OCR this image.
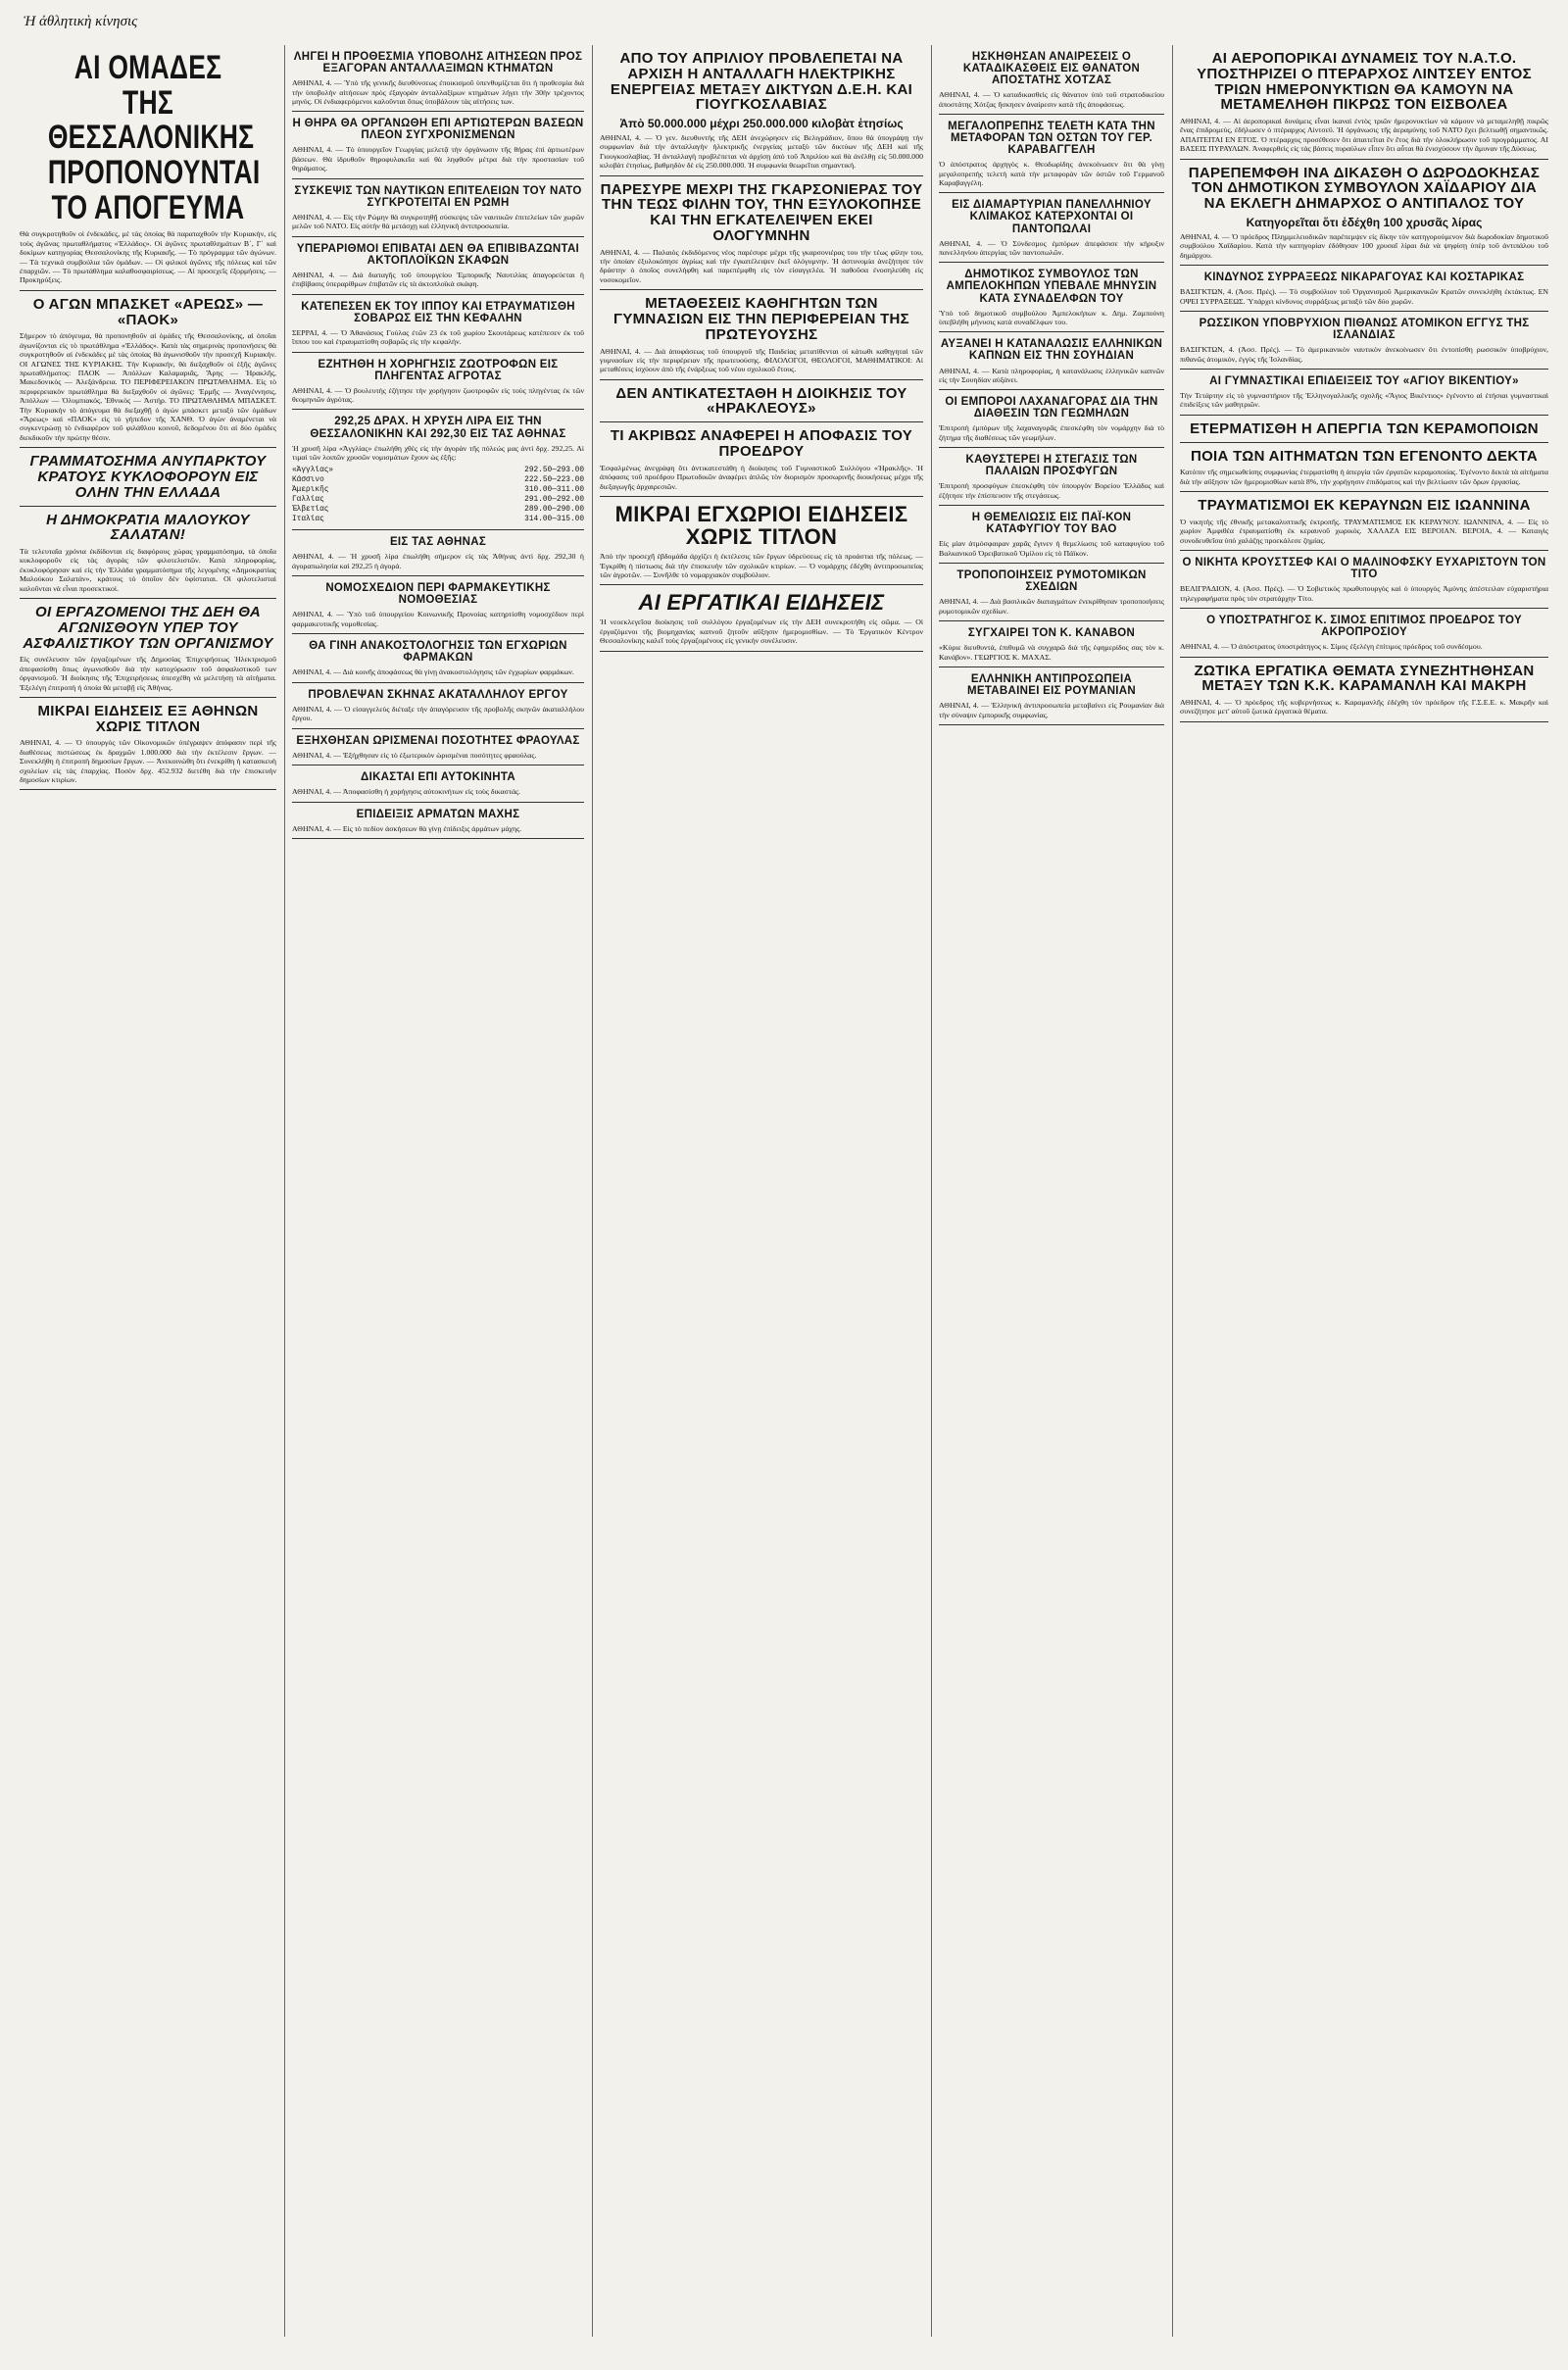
Ἡ ἀθλητικὴ κίνησις
ΑΙ ΟΜΑΔΕΣ ΤΗΣ ΘΕΣΣΑΛΟΝΙΚΗΣ ΠΡΟΠΟΝΟΥΝΤΑΙ ΤΟ ΑΠΟΓΕΥΜΑ

Θὰ συγκροτηθοῦν οἱ ἐνδεκάδες, μὲ τὰς ὁποίας θὰ παραταχθοῦν τὴν Κυριακήν, εἰς τοὺς ἀγῶνας πρωταθλήματος «Ἑλλάδος». Οἱ ἀγῶνες πρωταθλημάτων Β΄, Γ΄ καὶ δοκίμων κατηγορίας Θεσσαλονίκης τῆς Κυριακῆς. — Τὸ πρόγραμμα τῶν ἀγώνων. — Τὰ τεχνικὰ συμβούλια τῶν ὁμάδων. — Οἱ φιλικοὶ ἀγῶνες τῆς πόλεως καὶ τῶν ἐπαρχιῶν. — Τὸ πρωτάθλημα καλαθοσφαιρίσεως. — Αἱ προσεχεῖς ἐξορμήσεις. — Προκηρύξεις.

Ο ΑΓΩΝ ΜΠΑΣΚΕΤ «ΑΡΕΩΣ» — «ΠΑΟΚ»

Σήμερον τὸ ἀπόγευμα, θὰ προπονηθοῦν αἱ ὁμάδες τῆς Θεσσαλονίκης, αἱ ὁποῖαι ἀγωνίζονται εἰς τὸ πρωτάθλημα «Ἑλλάδος». Κατὰ τὰς σημερινὰς προπονήσεις θὰ συγκροτηθοῦν αἱ ἐνδεκάδες μὲ τὰς ὁποίας θὰ ἀγωνισθοῦν τὴν προσεχῆ Κυριακήν. ΟΙ ΑΓΩΝΕΣ ΤΗΣ ΚΥΡΙΑΚΗΣ. Τὴν Κυριακήν, θὰ διεξαχθοῦν οἱ ἑξῆς ἀγῶνες πρωταθλήματος: ΠΑΟΚ — Ἀπόλλων Καλαμαριᾶς, Ἄρης — Ἠρακλῆς, Μακεδονικὸς — Ἀλεξάνδρεια. ΤΟ ΠΕΡΙΦΕΡΕΙΑΚΟΝ ΠΡΩΤΑΘΛΗΜΑ. Εἰς τὸ περιφερειακὸν πρωτάθλημα θὰ διεξαχθοῦν οἱ ἀγῶνες: Ἑρμῆς — Ἀναγέννησις, Ἀπόλλων — Ὀλυμπιακός, Ἐθνικὸς — Ἀστήρ. ΤΟ ΠΡΩΤΑΘΛΗΜΑ ΜΠΑΣΚΕΤ. Τὴν Κυριακὴν τὸ ἀπόγευμα θὰ διεξαχθῇ ὁ ἀγὼν μπάσκετ μεταξὺ τῶν ὁμάδων «Ἄρεως» καὶ «ΠΑΟΚ» εἰς τὸ γήπεδον τῆς ΧΑΝΘ. Ὁ ἀγὼν ἀναμένεται νὰ συγκεντρώσῃ τὸ ἐνδιαφέρον τοῦ φιλάθλου κοινοῦ, δεδομένου ὅτι αἱ δύο ὁμάδες διεκδικοῦν τὴν πρώτην θέσιν.

ΓΡΑΜΜΑΤΟΣΗΜΑ ΑΝΥΠΑΡΚΤΟΥ ΚΡΑΤΟΥΣ ΚΥΚΛΟΦΟΡΟΥΝ ΕΙΣ ΟΛΗΝ ΤΗΝ ΕΛΛΑΔΑ
Η ΔΗΜΟΚΡΑΤΙΑ ΜΑΛΟΥΚΟΥ ΣΑΛΑΤΑΝ!

Τὰ τελευταῖα χρόνια ἐκδίδονται εἰς διαφόρους χώρας γραμματόσημα, τὰ ὁποῖα κυκλοφοροῦν εἰς τὰς ἀγορὰς τῶν φιλοτελιστῶν. Κατὰ πληροφορίας, ἐκυκλοφόρησαν καὶ εἰς τὴν Ἑλλάδα γραμματόσημα τῆς λεγομένης «Δημοκρατίας Μαλούκου Σαλατάν», κράτους τὸ ὁποῖον δὲν ὑφίσταται. Οἱ φιλοτελισταὶ καλοῦνται νὰ εἶναι προσεκτικοί.

ΟΙ ΕΡΓΑΖΟΜΕΝΟΙ ΤΗΣ ΔΕΗ ΘΑ ΑΓΩΝΙΣΘΟΥΝ ΥΠΕΡ ΤΟΥ ΑΣΦΑΛΙΣΤΙΚΟΥ ΤΩΝ ΟΡΓΑΝΙΣΜΟΥ

Εἰς συνέλευσιν τῶν ἐργαζομένων τῆς Δημοσίας Ἐπιχειρήσεως Ἠλεκτρισμοῦ ἀπεφασίσθη ὅπως ἀγωνισθοῦν διὰ τὴν κατοχύρωσιν τοῦ ἀσφαλιστικοῦ των ὀργανισμοῦ. Ἡ διοίκησις τῆς Ἐπιχειρήσεως ὑπεσχέθη νὰ μελετήσῃ τὰ αἰτήματα. Ἐξελέγη ἐπιτροπὴ ἡ ὁποία θὰ μεταβῇ εἰς Ἀθήνας.

ΜΙΚΡΑΙ ΕΙΔΗΣΕΙΣ ΕΞ ΑΘΗΝΩΝ ΧΩΡΙΣ ΤΙΤΛΟΝ

ΑΘΗΝΑΙ, 4. — Ὁ ὑπουργὸς τῶν Οἰκονομικῶν ὑπέγραψεν ἀπόφασιν περὶ τῆς διαθέσεως πιστώσεως ἐκ δραχμῶν 1.000.000 διὰ τὴν ἐκτέλεσιν ἔργων. — Συνεκλήθη ἡ ἐπιτροπὴ δημοσίων ἔργων. — Ἀνεκοινώθη ὅτι ἐνεκρίθη ἡ κατασκευὴ σχολείων εἰς τὰς ἐπαρχίας. Ποσὸν δρχ. 452.932 διετέθη διὰ τὴν ἐπισκευὴν δημοσίων κτιρίων.

ΛΗΓΕΙ Η ΠΡΟΘΕΣΜΙΑ ΥΠΟΒΟΛΗΣ ΑΙΤΗΣΕΩΝ ΠΡΟΣ ΕΞΑΓΟΡΑΝ ΑΝΤΑΛΛΑΞΙΜΩΝ ΚΤΗΜΑΤΩΝ

ΑΘΗΝΑΙ, 4. — Ὑπὸ τῆς γενικῆς διευθύνσεως ἐποικισμοῦ ὑπενθυμίζεται ὅτι ἡ προθεσμία διὰ τὴν ὑποβολὴν αἰτήσεων πρὸς ἐξαγορὰν ἀνταλλαξίμων κτημάτων λήγει τὴν 30ὴν τρέχοντος μηνός. Οἱ ἐνδιαφερόμενοι καλοῦνται ὅπως ὑποβάλουν τὰς αἰτήσεις των.

Η ΘΗΡΑ ΘΑ ΟΡΓΑΝΩΘΗ ΕΠΙ ΑΡΤΙΩΤΕΡΩΝ ΒΑΣΕΩΝ ΠΛΕΟΝ ΣΥΓΧΡΟΝΙΣΜΕΝΩΝ

ΑΘΗΝΑΙ, 4. — Τὸ ὑπουργεῖον Γεωργίας μελετᾷ τὴν ὀργάνωσιν τῆς θήρας ἐπὶ ἀρτιωτέρων βάσεων. Θὰ ἱδρυθοῦν θηροφυλακεῖα καὶ θὰ ληφθοῦν μέτρα διὰ τὴν προστασίαν τοῦ θηράματος.

ΣΥΣΚΕΨΙΣ ΤΩΝ ΝΑΥΤΙΚΩΝ ΕΠΙΤΕΛΕΙΩΝ ΤΟΥ ΝΑΤΟ ΣΥΓΚΡΟΤΕΙΤΑΙ ΕΝ ΡΩΜΗ

ΑΘΗΝΑΙ, 4. — Εἰς τὴν Ρώμην θὰ συγκροτηθῇ σύσκεψις τῶν ναυτικῶν ἐπιτελείων τῶν χωρῶν μελῶν τοῦ ΝΑΤΟ. Εἰς αὐτὴν θὰ μετάσχῃ καὶ ἑλληνικὴ ἀντιπροσωπεία.

ΥΠΕΡΑΡΙΘΜΟΙ ΕΠΙΒΑΤΑΙ ΔΕΝ ΘΑ ΕΠΙΒΙΒΑΖΩΝΤΑΙ ΑΚΤΟΠΛΟΪΚΩΝ ΣΚΑΦΩΝ

ΑΘΗΝΑΙ, 4. — Διὰ διαταγῆς τοῦ ὑπουργείου Ἐμπορικῆς Ναυτιλίας ἀπαγορεύεται ἡ ἐπιβίβασις ὑπεραρίθμων ἐπιβατῶν εἰς τὰ ἀκτοπλοϊκὰ σκάφη.

ΚΑΤΕΠΕΣΕΝ ΕΚ ΤΟΥ ΙΠΠΟΥ ΚΑΙ ΕΤΡΑΥΜΑΤΙΣΘΗ ΣΟΒΑΡΩΣ ΕΙΣ ΤΗΝ ΚΕΦΑΛΗΝ

ΣΕΡΡΑΙ, 4. — Ὁ Ἀθανάσιος Γούλας ἐτῶν 23 ἐκ τοῦ χωρίου Σκουτάρεως κατέπεσεν ἐκ τοῦ ἵππου του καὶ ἐτραυματίσθη σοβαρῶς εἰς τὴν κεφαλήν.

ΕΖΗΤΗΘΗ Η ΧΟΡΗΓΗΣΙΣ ΖΩΟΤΡΟΦΩΝ ΕΙΣ ΠΛΗΓΕΝΤΑΣ ΑΓΡΟΤΑΣ

ΑΘΗΝΑΙ, 4. — Ὁ βουλευτὴς ἐζήτησε τὴν χορήγησιν ζωοτροφῶν εἰς τοὺς πληγέντας ἐκ τῶν θεομηνιῶν ἀγρότας.

292,25 ΔΡΑΧ. Η ΧΡΥΣΗ ΛΙΡΑ ΕΙΣ ΤΗΝ ΘΕΣΣΑΛΟΝΙΚΗΝ ΚΑΙ 292,30 ΕΙΣ ΤΑΣ ΑΘΗΝΑΣ

Ἡ χρυσῆ λίρα «Ἀγγλίας» ἐπωλήθη χθὲς εἰς τὴν ἀγορὰν τῆς πόλεώς μας ἀντὶ δρχ. 292,25. Αἱ τιμαὶ τῶν λοιπῶν χρυσῶν νομισμάτων ἔχουν ὡς ἑξῆς:

«Ἀγγλίας»	292.50—293.00
Κάσσινο	222.50—223.00
Ἀμερικῆς	310.00—311.00
Γαλλίας	291.00—292.00
Ἑλβετίας	289.00—290.00
Ἰταλίας	314.00—315.00
ΕΙΣ ΤΑΣ ΑΘΗΝΑΣ

ΑΘΗΝΑΙ, 4. — Ἡ χρυσῆ λίρα ἐπωλήθη σήμερον εἰς τὰς Ἀθήνας ἀντὶ δρχ. 292,30 ἡ ἀγοραπωλησία καὶ 292,25 ἡ ἀγορά.

ΝΟΜΟΣΧΕΔΙΟΝ ΠΕΡΙ ΦΑΡΜΑΚΕΥΤΙΚΗΣ ΝΟΜΟΘΕΣΙΑΣ

ΑΘΗΝΑΙ, 4. — Ὑπὸ τοῦ ὑπουργείου Κοινωνικῆς Προνοίας κατηρτίσθη νομοσχέδιον περὶ φαρμακευτικῆς νομοθεσίας.

ΘΑ ΓΙΝΗ ΑΝΑΚΟΣΤΟΛΟΓΗΣΙΣ ΤΩΝ ΕΓΧΩΡΙΩΝ ΦΑΡΜΑΚΩΝ

ΑΘΗΝΑΙ, 4. — Διὰ κοινῆς ἀποφάσεως θὰ γίνῃ ἀνακοστολόγησις τῶν ἐγχωρίων φαρμάκων.

ΠΡΟΒΛΕΨΑΝ ΣΚΗΝΑΣ ΑΚΑΤΑΛΛΗΛΟΥ ΕΡΓΟΥ

ΑΘΗΝΑΙ, 4. — Ὁ εἰσαγγελεὺς διέταξε τὴν ἀπαγόρευσιν τῆς προβολῆς σκηνῶν ἀκαταλλήλου ἔργου.

ΕΞΗΧΘΗΣΑΝ ΩΡΙΣΜΕΝΑΙ ΠΟΣΟΤΗΤΕΣ ΦΡΑΟΥΛΑΣ

ΑΘΗΝΑΙ, 4. — Ἐξήχθησαν εἰς τὸ ἐξωτερικὸν ὡρισμέναι ποσότητες φραούλας.

ΔΙΚΑΣΤΑΙ ΕΠΙ ΑΥΤΟΚΙΝΗΤΑ

ΑΘΗΝΑΙ, 4. — Ἀποφασίσθη ἡ χορήγησις αὐτοκινήτων εἰς τοὺς δικαστάς.

ΕΠΙΔΕΙΞΙΣ ΑΡΜΑΤΩΝ ΜΑΧΗΣ

ΑΘΗΝΑΙ, 4. — Εἰς τὸ πεδίον ἀσκήσεων θὰ γίνῃ ἐπίδειξις ἀρμάτων μάχης.

ΑΠΟ ΤΟΥ ΑΠΡΙΛΙΟΥ ΠΡΟΒΛΕΠΕΤΑΙ ΝΑ ΑΡΧΙΣΗ Η ΑΝΤΑΛΛΑΓΗ ΗΛΕΚΤΡΙΚΗΣ ΕΝΕΡΓΕΙΑΣ ΜΕΤΑΞΥ ΔΙΚΤΥΩΝ Δ.Ε.Η. ΚΑΙ ΓΙΟΥΓΚΟΣΛΑΒΙΑΣ
Ἀπὸ 50.000.000 μέχρι 250.000.000 κιλοβὰτ ἐτησίως

ΑΘΗΝΑΙ, 4. — Ὁ γεν. διευθυντὴς τῆς ΔΕΗ ἀνεχώρησεν εἰς Βελιγράδιον, ὅπου θὰ ὑπογράψῃ τὴν συμφωνίαν διὰ τὴν ἀνταλλαγὴν ἠλεκτρικῆς ἐνεργείας μεταξὺ τῶν δικτύων τῆς ΔΕΗ καὶ τῆς Γιουγκοσλαβίας. Ἡ ἀνταλλαγὴ προβλέπεται νὰ ἀρχίσῃ ἀπὸ τοῦ Ἀπριλίου καὶ θὰ ἀνέλθῃ εἰς 50.000.000 κιλοβὰτ ἐτησίως, βαθμηδὸν δὲ εἰς 250.000.000. Ἡ συμφωνία θεωρεῖται σημαντική.

ΠΑΡΕΣΥΡΕ ΜΕΧΡΙ ΤΗΣ ΓΚΑΡΣΟΝΙΕΡΑΣ ΤΟΥ ΤΗΝ ΤΕΩΣ ΦΙΛΗΝ ΤΟΥ, ΤΗΝ ΕΞΥΛΟΚΟΠΗΣΕ ΚΑΙ ΤΗΝ ΕΓΚΑΤΕΛΕΙΨΕΝ ΕΚΕΙ ΟΛΟΓΥΜΝΗΝ

ΑΘΗΝΑΙ, 4. — Παλαιὸς ἐκδιδόμενος νέος παρέσυρε μέχρι τῆς γκαρσονιέρας του τὴν τέως φίλην του, τὴν ὁποίαν ἐξυλοκόπησε ἀγρίως καὶ τὴν ἐγκατέλειψεν ἐκεῖ ὁλόγυμνην. Ἡ ἀστυνομία ἀνεζήτησε τὸν δράστην ὁ ὁποῖος συνελήφθη καὶ παρεπέμφθη εἰς τὸν εἰσαγγελέα. Ἡ παθοῦσα ἐνοσηλεύθη εἰς νοσοκομεῖον.

ΜΕΤΑΘΕΣΕΙΣ ΚΑΘΗΓΗΤΩΝ ΤΩΝ ΓΥΜΝΑΣΙΩΝ ΕΙΣ ΤΗΝ ΠΕΡΙΦΕΡΕΙΑΝ ΤΗΣ ΠΡΩΤΕΥΟΥΣΗΣ

ΑΘΗΝΑΙ, 4. — Διὰ ἀποφάσεως τοῦ ὑπουργοῦ τῆς Παιδείας μετατίθενται οἱ κάτωθι καθηγηταὶ τῶν γυμνασίων εἰς τὴν περιφέρειαν τῆς πρωτευούσης. ΦΙΛΟΛΟΓΟΙ, ΘΕΟΛΟΓΟΙ, ΜΑΘΗΜΑΤΙΚΟΙ: Αἱ μεταθέσεις ἰσχύουν ἀπὸ τῆς ἐνάρξεως τοῦ νέου σχολικοῦ ἔτους.

ΔΕΝ ΑΝΤΙΚΑΤΕΣΤΑΘΗ Η ΔΙΟΙΚΗΣΙΣ ΤΟΥ «ΗΡΑΚΛΕΟΥΣ»
ΤΙ ΑΚΡΙΒΩΣ ΑΝΑΦΕΡΕΙ Η ΑΠΟΦΑΣΙΣ ΤΟΥ ΠΡΟΕΔΡΟΥ

Ἐσφαλμένως ἀνεγράφη ὅτι ἀντικατεστάθη ἡ διοίκησις τοῦ Γυμναστικοῦ Συλλόγου «Ἡρακλῆς». Ἡ ἀπόφασις τοῦ προέδρου Πρωτοδικῶν ἀναφέρει ἁπλῶς τὸν διορισμὸν προσωρινῆς διοικήσεως μέχρι τῆς διεξαγωγῆς ἀρχαιρεσιῶν.

ΜΙΚΡΑΙ ΕΓΧΩΡΙΟΙ ΕΙΔΗΣΕΙΣ ΧΩΡΙΣ ΤΙΤΛΟΝ

Ἀπὸ τὴν προσεχῆ ἑβδομάδα ἀρχίζει ἡ ἐκτέλεσις τῶν ἔργων ὑδρεύσεως εἰς τὰ προάστια τῆς πόλεως. — Ἐγκρίθη ἡ πίστωσις διὰ τὴν ἐπισκευὴν τῶν σχολικῶν κτιρίων. — Ὁ νομάρχης ἐδέχθη ἀντιπροσωπείας τῶν ἀγροτῶν. — Συνῆλθε τὸ νομαρχιακὸν συμβούλιον.

ΑΙ ΕΡΓΑΤΙΚΑΙ ΕΙΔΗΣΕΙΣ

Ἡ νεοεκλεγεῖσα διοίκησις τοῦ συλλόγου ἐργαζομένων εἰς τὴν ΔΕΗ συνεκροτήθη εἰς σῶμα. — Οἱ ἐργαζόμενοι τῆς βιομηχανίας καπνοῦ ζητοῦν αὔξησιν ἡμερομισθίων. — Τὸ Ἐργατικὸν Κέντρον Θεσσαλονίκης καλεῖ τοὺς ἐργαζομένους εἰς γενικὴν συνέλευσιν.

ΗΣΚΗΘΗΣΑΝ ΑΝΑΙΡΕΣΕΙΣ Ο ΚΑΤΑΔΙΚΑΣΘΕΙΣ ΕΙΣ ΘΑΝΑΤΟΝ ΑΠΟΣΤΑΤΗΣ ΧΟΤΖΑΣ

ΑΘΗΝΑΙ, 4. — Ὁ καταδικασθεὶς εἰς θάνατον ὑπὸ τοῦ στρατοδικείου ἀποστάτης Χότζας ἤσκησεν ἀναίρεσιν κατὰ τῆς ἀποφάσεως.

ΜΕΓΑΛΟΠΡΕΠΗΣ ΤΕΛΕΤΗ ΚΑΤΑ ΤΗΝ ΜΕΤΑΦΟΡΑΝ ΤΩΝ ΟΣΤΩΝ ΤΟΥ ΓΕΡ. ΚΑΡΑΒΑΓΓΕΛΗ

Ὁ ἀπόστρατος ἀρχηγὸς κ. Θεοδωρίδης ἀνεκοίνωσεν ὅτι θὰ γίνῃ μεγαλοπρεπὴς τελετὴ κατὰ τὴν μεταφορὰν τῶν ὀστῶν τοῦ Γερμανοῦ Καραβαγγέλη.

ΕΙΣ ΔΙΑΜΑΡΤΥΡΙΑΝ ΠΑΝΕΛΛΗΝΙΟΥ ΚΛΙΜΑΚΟΣ ΚΑΤΕΡΧΟΝΤΑΙ ΟΙ ΠΑΝΤΟΠΩΛΑΙ

ΑΘΗΝΑΙ, 4. — Ὁ Σύνδεσμος ἐμπόρων ἀπεφάσισε τὴν κήρυξιν πανελληνίου ἀπεργίας τῶν παντοπωλῶν.

ΔΗΜΟΤΙΚΟΣ ΣΥΜΒΟΥΛΟΣ ΤΩΝ ΑΜΠΕΛΟΚΗΠΩΝ ΥΠΕΒΑΛΕ ΜΗΝΥΣΙΝ ΚΑΤΑ ΣΥΝΑΔΕΛΦΩΝ ΤΟΥ

Ὑπὸ τοῦ δημοτικοῦ συμβούλου Ἀμπελοκήπων κ. Δημ. Ζαμπούνη ὑπεβλήθη μήνυσις κατὰ συναδέλφων του.

ΑΥΞΑΝΕΙ Η ΚΑΤΑΝΑΛΩΣΙΣ ΕΛΛΗΝΙΚΩΝ ΚΑΠΝΩΝ ΕΙΣ ΤΗΝ ΣΟΥΗΔΙΑΝ

ΑΘΗΝΑΙ, 4. — Κατὰ πληροφορίας, ἡ κατανάλωσις ἑλληνικῶν καπνῶν εἰς τὴν Σουηδίαν αὐξάνει.

ΟΙ ΕΜΠΟΡΟΙ ΛΑΧΑΝΑΓΟΡΑΣ ΔΙΑ ΤΗΝ ΔΙΑΘΕΣΙΝ ΤΩΝ ΓΕΩΜΗΛΩΝ

Ἐπιτροπὴ ἐμπόρων τῆς λαχαναγορᾶς ἐπεσκέφθη τὸν νομάρχην διὰ τὸ ζήτημα τῆς διαθέσεως τῶν γεωμήλων.

ΚΑΘΥΣΤΕΡΕΙ Η ΣΤΕΓΑΣΙΣ ΤΩΝ ΠΑΛΑΙΩΝ ΠΡΟΣΦΥΓΩΝ

Ἐπιτροπὴ προσφύγων ἐπεσκέφθη τὸν ὑπουργὸν Βορείου Ἑλλάδος καὶ ἐζήτησε τὴν ἐπίσπευσιν τῆς στεγάσεως.

Η ΘΕΜΕΛΙΩΣΙΣ ΕΙΣ ΠΑΪ-ΚΟΝ ΚΑΤΑΦΥΓΙΟΥ ΤΟΥ ΒΑΟ

Εἰς μίαν ἀτμόσφαιραν χαρᾶς ἔγινεν ἡ θεμελίωσις τοῦ καταφυγίου τοῦ Βαλκανικοῦ Ὁρειβατικοῦ Ὁμίλου εἰς τὸ Πάϊκον.

ΤΡΟΠΟΠΟΙΗΣΕΙΣ ΡΥΜΟΤΟΜΙΚΩΝ ΣΧΕΔΙΩΝ

ΑΘΗΝΑΙ, 4. — Διὰ βασιλικῶν διαταγμάτων ἐνεκρίθησαν τροποποιήσεις ρυμοτομικῶν σχεδίων.

ΣΥΓΧΑΙΡΕΙ ΤΟΝ Κ. ΚΑΝΑΒΟΝ

«Κύριε διευθυντά, ἐπιθυμῶ νὰ συγχαρῶ διὰ τῆς ἐφημερίδος σας τὸν κ. Κανάβον». ΓΕΩΡΓΙΟΣ Κ. ΜΑΧΑΣ.

ΕΛΛΗΝΙΚΗ ΑΝΤΙΠΡΟΣΩΠΕΙΑ ΜΕΤΑΒΑΙΝΕΙ ΕΙΣ ΡΟΥΜΑΝΙΑΝ

ΑΘΗΝΑΙ, 4. — Ἑλληνικὴ ἀντιπροσωπεία μεταβαίνει εἰς Ρουμανίαν διὰ τὴν σύναψιν ἐμπορικῆς συμφωνίας.

ΑΙ ΑΕΡΟΠΟΡΙΚΑΙ ΔΥΝΑΜΕΙΣ ΤΟΥ Ν.Α.Τ.Ο. ΥΠΟΣΤΗΡΙΖΕΙ Ο ΠΤΕΡΑΡΧΟΣ ΛΙΝΤΣΕΥ ΕΝΤΟΣ ΤΡΙΩΝ ΗΜΕΡΟΝΥΚΤΙΩΝ ΘΑ ΚΑΜΟΥΝ ΝΑ ΜΕΤΑΜΕΛΗΘΗ ΠΙΚΡΩΣ ΤΟΝ ΕΙΣΒΟΛΕΑ

ΑΘΗΝΑΙ, 4. — Αἱ ἀεροπορικαὶ δυνάμεις εἶναι ἱκαναὶ ἐντὸς τριῶν ἡμερονυκτίων νὰ κάμουν νὰ μεταμεληθῇ πικρῶς ἕνας ἐπιδρομεύς, ἐδήλωσεν ὁ πτέραρχος Λίντσεϋ. Ἡ ὀργάνωσις τῆς ἀεραμύνης τοῦ ΝΑΤΟ ἔχει βελτιωθῇ σημαντικῶς. ΑΠΑΙΤΕΙΤΑΙ ΕΝ ΕΤΟΣ. Ὁ πτέραρχος προσέθεσεν ὅτι ἀπαιτεῖται ἓν ἔτος διὰ τὴν ὁλοκλήρωσιν τοῦ προγράμματος. ΑΙ ΒΑΣΕΙΣ ΠΥΡΑΥΛΩΝ. Ἀναφερθεὶς εἰς τὰς βάσεις πυραύλων εἶπεν ὅτι αὗται θὰ ἐνισχύσουν τὴν ἄμυναν τῆς Δύσεως.

ΠΑΡΕΠΕΜΦΘΗ ΙΝΑ ΔΙΚΑΣΘΗ Ο ΔΩΡΟΔΟΚΗΣΑΣ ΤΟΝ ΔΗΜΟΤΙΚΟΝ ΣΥΜΒΟΥΛΟΝ ΧΑΪΔΑΡΙΟΥ ΔΙΑ ΝΑ ΕΚΛΕΓΗ ΔΗΜΑΡΧΟΣ Ο ΑΝΤΙΠΑΛΟΣ ΤΟΥ
Κατηγορεῖται ὅτι ἐδέχθη 100 χρυσᾶς λίρας

ΑΘΗΝΑΙ, 4. — Ὁ πρόεδρος Πλημμελειοδικῶν παρέπεμψεν εἰς δίκην τὸν κατηγορούμενον διὰ δωροδοκίαν δημοτικοῦ συμβούλου Χαϊδαρίου. Κατὰ τὴν κατηγορίαν ἐδόθησαν 100 χρυσαῖ λίραι διὰ νὰ ψηφίσῃ ὑπὲρ τοῦ ἀντιπάλου τοῦ δημάρχου.

ΚΙΝΔΥΝΟΣ ΣΥΡΡΑΞΕΩΣ ΝΙΚΑΡΑΓΟΥΑΣ ΚΑΙ ΚΟΣΤΑΡΙΚΑΣ

ΒΑΣΙΓΚΤΩΝ, 4. (Ἀσσ. Πρές). — Τὸ συμβούλιον τοῦ Ὀργανισμοῦ Ἀμερικανικῶν Κρατῶν συνεκλήθη ἐκτάκτως. ΕΝ ΟΨΕΙ ΣΥΡΡΑΞΕΩΣ. Ὑπάρχει κίνδυνος συρράξεως μεταξὺ τῶν δύο χωρῶν.

ΡΩΣΣΙΚΟΝ ΥΠΟΒΡΥΧΙΟΝ ΠΙΘΑΝΩΣ ΑΤΟΜΙΚΟΝ ΕΓΓΥΣ ΤΗΣ ΙΣΛΑΝΔΙΑΣ

ΒΑΣΙΓΚΤΩΝ, 4. (Ἀσσ. Πρές). — Τὸ ἀμερικανικὸν ναυτικὸν ἀνεκοίνωσεν ὅτι ἐντοπίσθη ρωσσικὸν ὑποβρύχιον, πιθανῶς ἀτομικόν, ἐγγὺς τῆς Ἰσλανδίας.

ΑΙ ΓΥΜΝΑΣΤΙΚΑΙ ΕΠΙΔΕΙΞΕΙΣ ΤΟΥ «ΑΓΙΟΥ ΒΙΚΕΝΤΙΟΥ»

Τὴν Τετάρτην εἰς τὸ γυμναστήριον τῆς Ἑλληνογαλλικῆς σχολῆς «Ἅγιος Βικέντιος» ἐγένοντο αἱ ἐτήσιαι γυμναστικαὶ ἐπιδείξεις τῶν μαθητριῶν.

ΕΤΕΡΜΑΤΙΣΘΗ Η ΑΠΕΡΓΙΑ ΤΩΝ ΚΕΡΑΜΟΠΟΙΩΝ
ΠΟΙΑ ΤΩΝ ΑΙΤΗΜΑΤΩΝ ΤΩΝ ΕΓΕΝΟΝΤΟ ΔΕΚΤΑ

Κατόπιν τῆς σημειωθείσης συμφωνίας ἐτερματίσθη ἡ ἀπεργία τῶν ἐργατῶν κεραμοποιίας. Ἐγένοντο δεκτὰ τὰ αἰτήματα διὰ τὴν αὔξησιν τῶν ἡμερομισθίων κατὰ 8%, τὴν χορήγησιν ἐπιδόματος καὶ τὴν βελτίωσιν τῶν ὅρων ἐργασίας.

ΤΡΑΥΜΑΤΙΣΜΟΙ ΕΚ ΚΕΡΑΥΝΩΝ ΕΙΣ ΙΩΑΝΝΙΝΑ

Ὁ νικητὴς τῆς ἐθνικῆς μετακαλυπτικῆς ἐκτροπῆς. ΤΡΑΥΜΑΤΙΣΜΟΣ ΕΚ ΚΕΡΑΥΝΟΥ. ΙΩΑΝΝΙΝΑ, 4. — Εἰς τὸ χωρίον Ἀμφιθέα ἐτραυματίσθη ἐκ κεραυνοῦ χωρικός. ΧΑΛΑΖΑ ΕΙΣ ΒΕΡΟΙΑΝ. ΒΕΡΟΙΑ, 4. — Καταιγὶς συνοδευθεῖσα ὑπὸ χαλάζης προεκάλεσε ζημίας.

Ο ΝΙΚΗΤΑ ΚΡΟΥΣΤΣΕΦ ΚΑΙ Ο ΜΑΛΙΝΟΦΣΚΥ ΕΥΧΑΡΙΣΤΟΥΝ ΤΟΝ ΤΙΤΟ

ΒΕΛΙΓΡΑΔΙΟΝ, 4. (Ἀσσ. Πρές). — Ὁ Σοβιετικὸς πρωθυπουργὸς καὶ ὁ ὑπουργὸς Ἀμύνης ἀπέστειλαν εὐχαριστήρια τηλεγραφήματα πρὸς τὸν στρατάρχην Τίτο.

Ο ΥΠΟΣΤΡΑΤΗΓΟΣ Κ. ΣΙΜΟΣ ΕΠΙΤΙΜΟΣ ΠΡΟΕΔΡΟΣ ΤΟΥ ΑΚΡΟΠΡΟΣΙΟΥ

ΑΘΗΝΑΙ, 4. — Ὁ ἀπόστρατος ὑποστράτηγος κ. Σίμος ἐξελέγη ἐπίτιμος πρόεδρος τοῦ συνδέσμου.

ΖΩΤΙΚΑ ΕΡΓΑΤΙΚΑ ΘΕΜΑΤΑ ΣΥΝΕΖΗΤΗΘΗΣΑΝ ΜΕΤΑΞΥ ΤΩΝ Κ.Κ. ΚΑΡΑΜΑΝΛΗ ΚΑΙ ΜΑΚΡΗ

ΑΘΗΝΑΙ, 4. — Ὁ πρόεδρος τῆς κυβερνήσεως κ. Καραμανλῆς ἐδέχθη τὸν πρόεδρον τῆς Γ.Σ.Ε.Ε. κ. Μακρῆν καὶ συνεζήτησε μετ' αὐτοῦ ζωτικὰ ἐργατικὰ θέματα.
